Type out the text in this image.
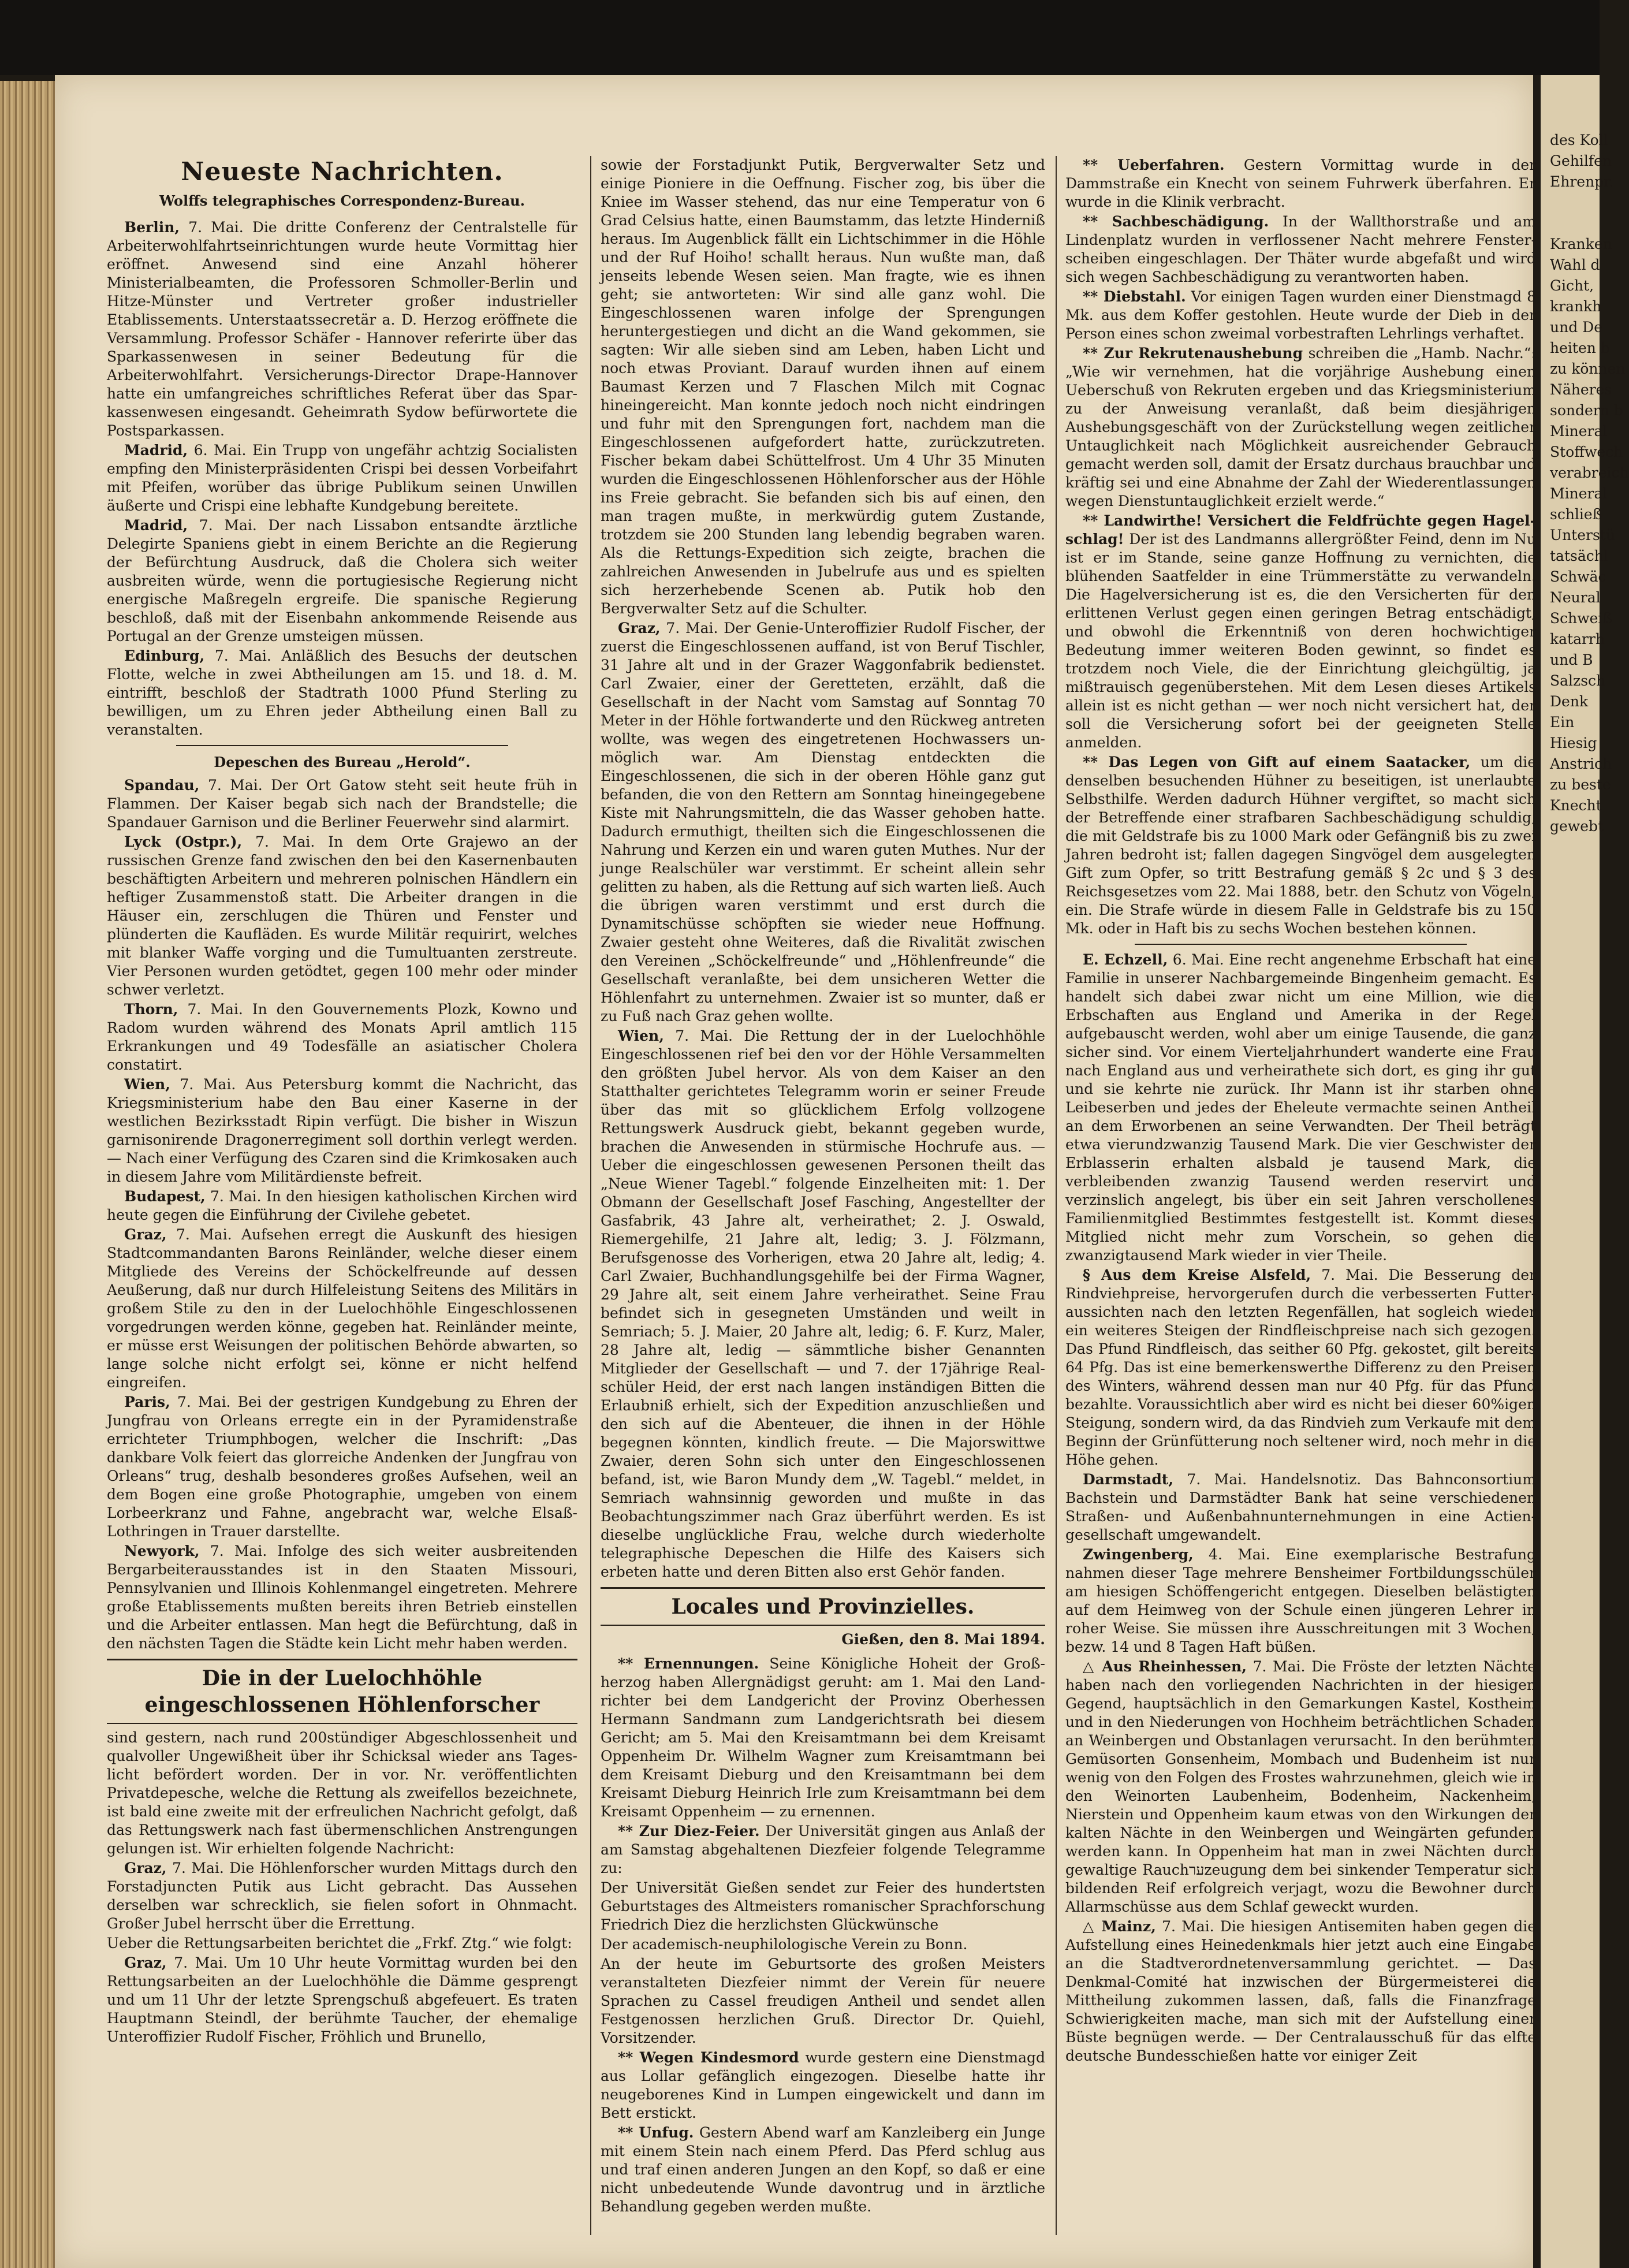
des Koll
Gehilfen
Ehrenpr.

Kranken
Wahl d
Gicht,
krankh
und De
heiten b
zu können
Näheres
sondern b
Mineral
Stoffwech
verabreich
Mineral
schließ
Unterstü
tatsächl
Schwäc
Neural
Schweiß
katarrh
und B
Salzsch
Denk
Ein
Hiesig
Anstrich
zu beste
Knecht
gewebt
Neueste Nachrichten.
Wolffs telegraphisches Correspondenz-Bureau.

Berlin, 7. Mai. Die dritte Conferenz der Centralstelle für Arbeiterwohlfahrtseinrichtungen wurde heute Vormittag hier eröffnet. Anwesend sind eine Anzahl höherer Ministerialbeamten, die Professoren Schmoller-Berlin und Hitze-Münster und Vertreter großer industrieller Etablissements. Unterstaatssecretär a. D. Herzog eröffnete die Versammlung. Professor Schäfer - Hannover referirte über das Sparkassenwesen in seiner Bedeutung für die Arbeiterwohlfahrt. Versicherungs-Director Drape-Hannover hatte ein umfangreiches schriftliches Referat über das Sparkassenwesen eingesandt. Geheimrath Sydow befürwortete die Postsparkassen.

Madrid, 6. Mai. Ein Trupp von ungefähr achtzig Socialisten empfing den Ministerpräsidenten Crispi bei dessen Vorbeifahrt mit Pfeifen, worüber das übrige Publikum seinen Unwillen äußerte und Crispi eine lebhafte Kundgebung bereitete.

Madrid, 7. Mai. Der nach Lissabon entsandte ärztliche Delegirte Spaniens giebt in einem Berichte an die Regierung der Befürchtung Ausdruck, daß die Cholera sich weiter ausbreiten würde, wenn die portugiesische Regierung nicht energische Maßregeln ergreife. Die spanische Regierung beschloß, daß mit der Eisenbahn ankommende Reisende aus Portugal an der Grenze umsteigen müssen.

Edinburg, 7. Mai. Anläßlich des Besuchs der deutschen Flotte, welche in zwei Abtheilungen am 15. und 18. d. M. eintrifft, beschloß der Stadtrath 1000 Pfund Sterling zu bewilligen, um zu Ehren jeder Abtheilung einen Ball zu veranstalten.

Depeschen des Bureau „Herold“.

Spandau, 7. Mai. Der Ort Gatow steht seit heute früh in Flammen. Der Kaiser begab sich nach der Brandstelle; die Spandauer Garnison und die Berliner Feuerwehr sind alarmirt.

Lyck (Ostpr.), 7. Mai. In dem Orte Grajewo an der russischen Grenze fand zwischen den bei den Kasernenbauten beschäftigten Arbeitern und mehreren polnischen Händlern ein heftiger Zusammenstoß statt. Die Arbeiter drangen in die Häuser ein, zerschlugen die Thüren und Fenster und plünderten die Kaufläden. Es wurde Militär requirirt, welches mit blanker Waffe vorging und die Tumultuanten zerstreute. Vier Personen wurden getödtet, gegen 100 mehr oder minder schwer verletzt.

Thorn, 7. Mai. In den Gouvernements Plozk, Kowno und Radom wurden während des Monats April amtlich 115 Erkrankungen und 49 Todesfälle an asiatischer Cholera constatirt.

Wien, 7. Mai. Aus Petersburg kommt die Nachricht, das Kriegsministerium habe den Bau einer Kaserne in der westlichen Bezirksstadt Ripin verfügt. Die bisher in Wiszun garnisonirende Dragonerregiment soll dorthin verlegt werden. — Nach einer Verfügung des Czaren sind die Krimkosaken auch in diesem Jahre vom Militärdienste befreit.

Budapest, 7. Mai. In den hiesigen katholischen Kirchen wird heute gegen die Einführung der Civilehe gebetet.

Graz, 7. Mai. Aufsehen erregt die Auskunft des hiesigen Stadtcommandanten Barons Reinländer, welche dieser einem Mitgliede des Vereins der Schöckelfreunde auf dessen Aeußerung, daß nur durch Hilfeleistung Seitens des Militärs in großem Stile zu den in der Luelochhöhle Eingeschlossenen vorgedrungen werden könne, gegeben hat. Reinländer meinte, er müsse erst Weisungen der politischen Behörde abwarten, so lange solche nicht erfolgt sei, könne er nicht helfend eingreifen.

Paris, 7. Mai. Bei der gestrigen Kundgebung zu Ehren der Jungfrau von Orleans erregte ein in der Pyramidenstraße errichteter Triumphbogen, welcher die Inschrift: „Das dankbare Volk feiert das glorreiche Andenken der Jungfrau von Orleans“ trug, deshalb besonderes großes Aufsehen, weil an dem Bogen eine große Photographie, umgeben von einem Lorbeerkranz und Fahne, angebracht war, welche Elsaß-Lothringen in Trauer darstellte.

Newyork, 7. Mai. Infolge des sich weiter ausbreitenden Bergarbeiterausstandes ist in den Staaten Missouri, Pennsylvanien und Illinois Kohlenmangel eingetreten. Mehrere große Etablissements mußten bereits ihren Betrieb einstellen und die Arbeiter entlassen. Man hegt die Befürchtung, daß in den nächsten Tagen die Städte kein Licht mehr haben werden.

Die in der Luelochhöhle eingeschlossenen Höhlenforscher

sind gestern, nach rund 200stündiger Abgeschlossenheit und qualvoller Ungewißheit über ihr Schicksal wieder ans Tageslicht befördert worden. Der in vor. Nr. veröffentlichten Privatdepesche, welche die Rettung als zweifellos bezeichnete, ist bald eine zweite mit der erfreulichen Nachricht gefolgt, daß das Rettungswerk nach fast übermenschlichen Anstrengungen gelungen ist. Wir erhielten folgende Nachricht:

Graz, 7. Mai. Die Höhlenforscher wurden Mittags durch den Forstadjuncten Putik aus Licht gebracht. Das Aussehen derselben war schrecklich, sie fielen sofort in Ohnmacht. Großer Jubel herrscht über die Errettung.

Ueber die Rettungsarbeiten berichtet die „Frkf. Ztg.“ wie folgt:

Graz, 7. Mai. Um 10 Uhr heute Vormittag wurden bei den Rettungsarbeiten an der Luelochhöhle die Dämme gesprengt und um 11 Uhr der letzte Sprengschuß abgefeuert. Es traten Hauptmann Steindl, der berühmte Taucher, der ehemalige Unteroffizier Rudolf Fischer, Fröhlich und Brunello,

sowie der Forstadjunkt Putik, Bergverwalter Setz und einige Pioniere in die Oeffnung. Fischer zog, bis über die Kniee im Wasser stehend, das nur eine Temperatur von 6 Grad Celsius hatte, einen Baumstamm, das letzte Hinderniß heraus. Im Augenblick fällt ein Lichtschimmer in die Höhle und der Ruf Hoiho! schallt heraus. Nun wußte man, daß jenseits lebende Wesen seien. Man fragte, wie es ihnen geht; sie antworteten: Wir sind alle ganz wohl. Die Eingeschlossenen waren infolge der Sprengungen heruntergestiegen und dicht an die Wand gekommen, sie sagten: Wir alle sieben sind am Leben, haben Licht und noch etwas Proviant. Darauf wurden ihnen auf einem Baumast Kerzen und 7 Flaschen Milch mit Cognac hineingereicht. Man konnte jedoch noch nicht eindringen und fuhr mit den Sprengungen fort, nachdem man die Eingeschlossenen aufgefordert hatte, zurückzutreten. Fischer bekam dabei Schüttelfrost. Um 4 Uhr 35 Minuten wurden die Eingeschlossenen Höhlenforscher aus der Höhle ins Freie gebracht. Sie befanden sich bis auf einen, den man tragen mußte, in merkwürdig gutem Zustande, trotzdem sie 200 Stunden lang lebendig begraben waren. Als die Rettungs-Expedition sich zeigte, brachen die zahlreichen Anwesenden in Jubelrufe aus und es spielten sich herzerhebende Scenen ab. Putik hob den Bergverwalter Setz auf die Schulter.

Graz, 7. Mai. Der Genie-Unteroffizier Rudolf Fischer, der zuerst die Eingeschlossenen auffand, ist von Beruf Tischler, 31 Jahre alt und in der Grazer Waggonfabrik bedienstet. Carl Zwaier, einer der Geretteten, erzählt, daß die Gesellschaft in der Nacht vom Samstag auf Sonntag 70 Meter in der Höhle fortwanderte und den Rückweg antreten wollte, was wegen des eingetretenen Hochwassers unmöglich war. Am Dienstag entdeckten die Eingeschlossenen, die sich in der oberen Höhle ganz gut befanden, die von den Rettern am Sonntag hineingegebene Kiste mit Nahrungsmitteln, die das Wasser gehoben hatte. Dadurch ermuthigt, theilten sich die Eingeschlossenen die Nahrung und Kerzen ein und waren guten Muthes. Nur der junge Realschüler war verstimmt. Er scheint allein sehr gelitten zu haben, als die Rettung auf sich warten ließ. Auch die übrigen waren verstimmt und erst durch die Dynamitschüsse schöpften sie wieder neue Hoffnung. Zwaier gesteht ohne Weiteres, daß die Rivalität zwischen den Vereinen „Schöckelfreunde“ und „Höhlenfreunde“ die Gesellschaft veranlaßte, bei dem unsicheren Wetter die Höhlenfahrt zu unternehmen. Zwaier ist so munter, daß er zu Fuß nach Graz gehen wollte.

Wien, 7. Mai. Die Rettung der in der Luelochhöhle Eingeschlossenen rief bei den vor der Höhle Versammelten den größten Jubel hervor. Als von dem Kaiser an den Statthalter gerichtetes Telegramm worin er seiner Freude über das mit so glücklichem Erfolg vollzogene Rettungswerk Ausdruck giebt, bekannt gegeben wurde, brachen die Anwesenden in stürmische Hochrufe aus. — Ueber die eingeschlossen gewesenen Personen theilt das „Neue Wiener Tagebl.“ folgende Einzelheiten mit: 1. Der Obmann der Gesellschaft Josef Fasching, Angestellter der Gasfabrik, 43 Jahre alt, verheirathet; 2. J. Oswald, Riemergehilfe, 21 Jahre alt, ledig; 3. J. Fölzmann, Berufsgenosse des Vorherigen, etwa 20 Jahre alt, ledig; 4. Carl Zwaier, Buchhandlungsgehilfe bei der Firma Wagner, 29 Jahre alt, seit einem Jahre verheirathet. Seine Frau befindet sich in gesegneten Umständen und weilt in Semriach; 5. J. Maier, 20 Jahre alt, ledig; 6. F. Kurz, Maler, 28 Jahre alt, ledig — sämmtliche bisher Genannten Mitglieder der Gesellschaft — und 7. der 17jährige Realschüler Heid, der erst nach langen inständigen Bitten die Erlaubniß erhielt, sich der Expedition anzuschließen und den sich auf die Abenteuer, die ihnen in der Höhle begegnen könnten, kindlich freute. — Die Majorswittwe Zwaier, deren Sohn sich unter den Eingeschlossenen befand, ist, wie Baron Mundy dem „W. Tagebl.“ meldet, in Semriach wahnsinnig geworden und mußte in das Beobachtungszimmer nach Graz überführt werden. Es ist dieselbe unglückliche Frau, welche durch wiederholte telegraphische Depeschen die Hilfe des Kaisers sich erbeten hatte und deren Bitten also erst Gehör fanden.

Locales und Provinzielles.
Gießen, den 8. Mai 1894.

** Ernennungen. Seine Königliche Hoheit der Großherzog haben Allergnädigst geruht: am 1. Mai den Landrichter bei dem Landgericht der Provinz Oberhessen Hermann Sandmann zum Landgerichtsrath bei diesem Gericht; am 5. Mai den Kreisamtmann bei dem Kreisamt Oppenheim Dr. Wilhelm Wagner zum Kreisamtmann bei dem Kreisamt Dieburg und den Kreisamtmann bei dem Kreisamt Dieburg Heinrich Irle zum Kreisamtmann bei dem Kreisamt Oppenheim — zu ernennen.

** Zur Diez-Feier. Der Universität gingen aus Anlaß der am Samstag abgehaltenen Diezfeier folgende Telegramme zu:

Der Universität Gießen sendet zur Feier des hundertsten Geburtstages des Altmeisters romanischer Sprachforschung Friedrich Diez die herzlichsten Glückwünsche

Der academisch-neuphilologische Verein zu Bonn.

An der heute im Geburtsorte des großen Meisters veranstalteten Diezfeier nimmt der Verein für neuere Sprachen zu Cassel freudigen Antheil und sendet allen Festgenossen herzlichen Gruß. Director Dr. Quiehl, Vorsitzender.

** Wegen Kindesmord wurde gestern eine Dienstmagd aus Lollar gefänglich eingezogen. Dieselbe hatte ihr neugeborenes Kind in Lumpen eingewickelt und dann im Bett erstickt.

** Unfug. Gestern Abend warf am Kanzleiberg ein Junge mit einem Stein nach einem Pferd. Das Pferd schlug aus und traf einen anderen Jungen an den Kopf, so daß er eine nicht unbedeutende Wunde davontrug und in ärztliche Behandlung gegeben werden mußte.

** Ueberfahren. Gestern Vormittag wurde in der Dammstraße ein Knecht von seinem Fuhrwerk überfahren. Er wurde in die Klinik verbracht.

** Sachbeschädigung. In der Wallthorstraße und am Lindenplatz wurden in verflossener Nacht mehrere Fensterscheiben eingeschlagen. Der Thäter wurde abgefaßt und wird sich wegen Sachbeschädigung zu verantworten haben.

** Diebstahl. Vor einigen Tagen wurden einer Dienstmagd 8 Mk. aus dem Koffer gestohlen. Heute wurde der Dieb in der Person eines schon zweimal vorbestraften Lehrlings verhaftet.

** Zur Rekrutenaushebung schreiben die „Hamb. Nachr.“: „Wie wir vernehmen, hat die vorjährige Aushebung einen Ueberschuß von Rekruten ergeben und das Kriegsministerium zu der Anweisung veranlaßt, daß beim diesjährigen Aushebungsgeschäft von der Zurückstellung wegen zeitlicher Untauglichkeit nach Möglichkeit ausreichender Gebrauch gemacht werden soll, damit der Ersatz durchaus brauchbar und kräftig sei und eine Abnahme der Zahl der Wiederentlassungen wegen Dienstuntauglichkeit erzielt werde.“

** Landwirthe! Versichert die Feldfrüchte gegen Hagelschlag! Der ist des Landmanns allergrößter Feind, denn im Nu ist er im Stande, seine ganze Hoffnung zu vernichten, die blühenden Saatfelder in eine Trümmerstätte zu verwandeln. Die Hagelversicherung ist es, die den Versicherten für den erlittenen Verlust gegen einen geringen Betrag entschädigt, und obwohl die Erkenntniß von deren hochwichtiger Bedeutung immer weiteren Boden gewinnt, so findet es trotzdem noch Viele, die der Einrichtung gleichgültig, ja mißtrauisch gegenüberstehen. Mit dem Lesen dieses Artikels allein ist es nicht gethan — wer noch nicht versichert hat, der soll die Versicherung sofort bei der geeigneten Stelle anmelden.

** Das Legen von Gift auf einem Saatacker, um die denselben besuchenden Hühner zu beseitigen, ist unerlaubte Selbsthilfe. Werden dadurch Hühner vergiftet, so macht sich der Betreffende einer strafbaren Sachbeschädigung schuldig, die mit Geldstrafe bis zu 1000 Mark oder Gefängniß bis zu zwei Jahren bedroht ist; fallen dagegen Singvögel dem ausgelegten Gift zum Opfer, so tritt Bestrafung gemäß § 2c und § 3 des Reichsgesetzes vom 22. Mai 1888, betr. den Schutz von Vögeln, ein. Die Strafe würde in diesem Falle in Geldstrafe bis zu 150 Mk. oder in Haft bis zu sechs Wochen bestehen können.

E. Echzell, 6. Mai. Eine recht angenehme Erbschaft hat eine Familie in unserer Nachbargemeinde Bingenheim gemacht. Es handelt sich dabei zwar nicht um eine Million, wie die Erbschaften aus England und Amerika in der Regel aufgebauscht werden, wohl aber um einige Tausende, die ganz sicher sind. Vor einem Vierteljahrhundert wanderte eine Frau nach England aus und verheirathete sich dort, es ging ihr gut und sie kehrte nie zurück. Ihr Mann ist ihr starben ohne Leibeserben und jedes der Eheleute vermachte seinen Antheil an dem Erworbenen an seine Verwandten. Der Theil beträgt etwa vierundzwanzig Tausend Mark. Die vier Geschwister der Erblasserin erhalten alsbald je tausend Mark, die verbleibenden zwanzig Tausend werden reservirt und verzinslich angelegt, bis über ein seit Jahren verschollenes Familienmitglied Bestimmtes festgestellt ist. Kommt dieses Mitglied nicht mehr zum Vorschein, so gehen die zwanzigtausend Mark wieder in vier Theile.

§ Aus dem Kreise Alsfeld, 7. Mai. Die Besserung der Rindviehpreise, hervorgerufen durch die verbesserten Futteraussichten nach den letzten Regenfällen, hat sogleich wieder ein weiteres Steigen der Rindfleischpreise nach sich gezogen. Das Pfund Rindfleisch, das seither 60 Pfg. gekostet, gilt bereits 64 Pfg. Das ist eine bemerkenswerthe Differenz zu den Preisen des Winters, während dessen man nur 40 Pfg. für das Pfund bezahlte. Voraussichtlich aber wird es nicht bei dieser 60%igen Steigung, sondern wird, da das Rindvieh zum Verkaufe mit dem Beginn der Grünfütterung noch seltener wird, noch mehr in die Höhe gehen.

Darmstadt, 7. Mai. Handelsnotiz. Das Bahnconsortium Bachstein und Darmstädter Bank hat seine verschiedenen Straßen- und Außenbahnunternehmungen in eine Actiengesellschaft umgewandelt.

Zwingenberg, 4. Mai. Eine exemplarische Bestrafung nahmen dieser Tage mehrere Bensheimer Fortbildungsschüler am hiesigen Schöffengericht entgegen. Dieselben belästigten auf dem Heimweg von der Schule einen jüngeren Lehrer in roher Weise. Sie müssen ihre Ausschreitungen mit 3 Wochen, bezw. 14 und 8 Tagen Haft büßen.

△ Aus Rheinhessen, 7. Mai. Die Fröste der letzten Nächte haben nach den vorliegenden Nachrichten in der hiesigen Gegend, hauptsächlich in den Gemarkungen Kastel, Kostheim und in den Niederungen von Hochheim beträchtlichen Schaden an Weinbergen und Obstanlagen verursacht. In den berühmten Gemüsorten Gonsenheim, Mombach und Budenheim ist nur wenig von den Folgen des Frostes wahrzunehmen, gleich wie in den Weinorten Laubenheim, Bodenheim, Nackenheim, Nierstein und Oppenheim kaum etwas von den Wirkungen der kalten Nächte in den Weinbergen und Weingärten gefunden werden kann. In Oppenheim hat man in zwei Nächten durch gewaltige Rauchערzeugung dem bei sinkender Temperatur sich bildenden Reif erfolgreich verjagt, wozu die Bewohner durch Allarmschüsse aus dem Schlaf geweckt wurden.

△ Mainz, 7. Mai. Die hiesigen Antisemiten haben gegen die Aufstellung eines Heinedenkmals hier jetzt auch eine Eingabe an die Stadtverordnetenversammlung gerichtet. — Das Denkmal-Comité hat inzwischen der Bürgermeisterei die Mittheilung zukommen lassen, daß, falls die Finanzfrage Schwierigkeiten mache, man sich mit der Aufstellung einer Büste begnügen werde. — Der Centralausschuß für das elfte deutsche Bundesschießen hatte vor einiger Zeit
